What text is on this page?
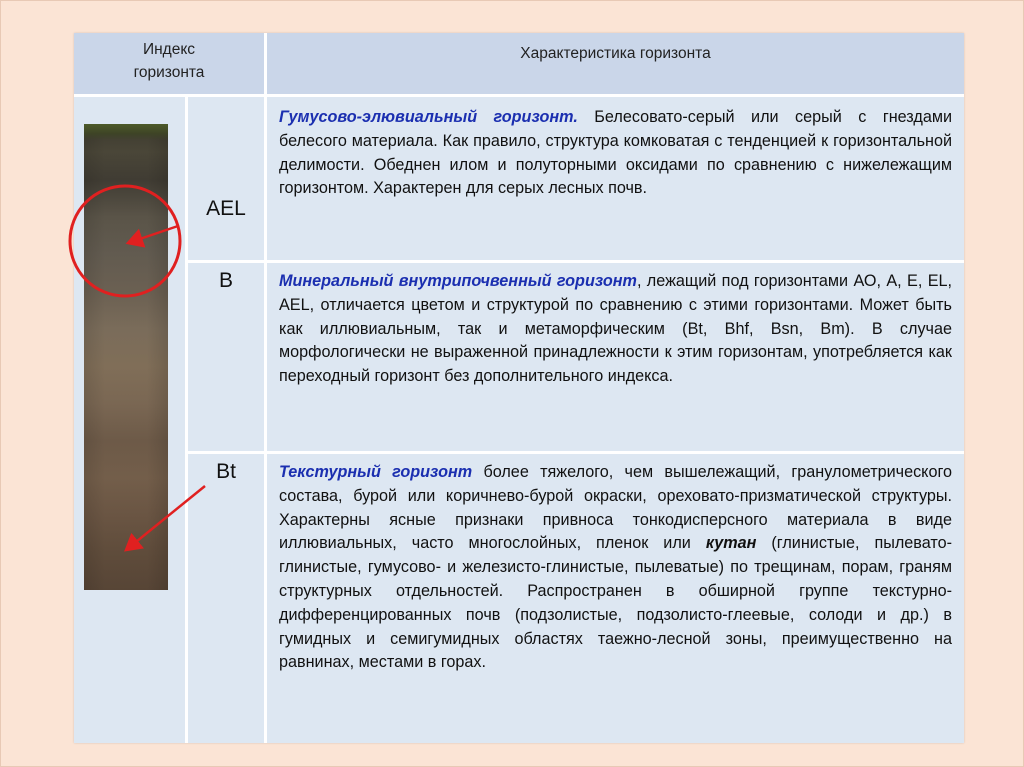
Индекс
горизонта
Характеристика горизонта
AEL
B
Bt
Гумусово-элювиальный горизонт. Белесовато-серый или серый с гнездами белесого материала. Как правило, структура комковатая с тенденцией к горизонтальной делимости. Обеднен илом и полуторными оксидами по сравнению с нижележащим горизонтом. Характерен для серых лесных почв.
Минеральный внутрипочвенный горизонт, лежащий под горизонтами АО, А, Е, EL, AEL, отличается цветом и структурой по сравнению с этими горизонтами. Может быть как иллювиальным, так и метаморфическим (Bt, Bhf, Bsn, Bm). В случае морфологически не выраженной принадлежности к этим горизонтам, употребляется как переходный горизонт без дополнительного индекса.
Текстурный горизонт более тяжелого, чем вышележащий, гранулометрического состава, бурой или коричнево-бурой окраски, ореховато-призматической структуры. Характерны ясные признаки привноса тонкодисперсного материала в виде иллювиальных, часто многослойных, пленок или кутан (глинистые, пылевато-глинистые, гумусово- и железисто-глинистые, пылеватые) по трещинам, порам, граням структурных отдельностей. Распространен в обширной группе текстурно-дифференцированных почв (подзолистые, подзолисто-глеевые, солоди и др.) в гумидных и семигумидных областях таежно-лесной зоны, преимущественно на равнинах, местами в горах.
